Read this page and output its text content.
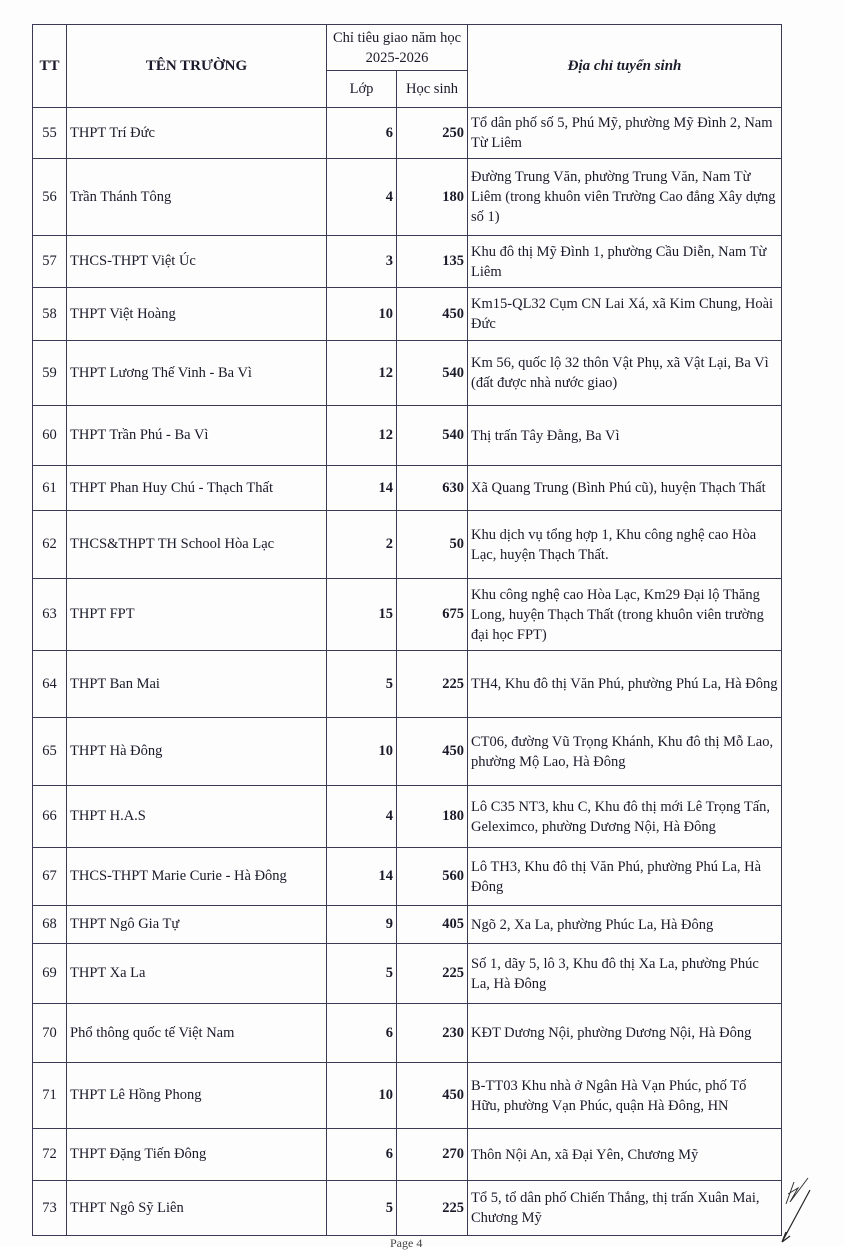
TT	TÊN TRƯỜNG	Chỉ tiêu giao năm học 2025-2026		Địa chỉ tuyển sinh
		Lớp	Học sinh	
55	THPT Trí Đức	6	250	Tổ dân phố số 5, Phú Mỹ, phường Mỹ Đình 2, Nam Từ Liêm
56	Trần Thánh Tông	4	180	Đường Trung Văn, phường Trung Văn, Nam Từ Liêm (trong khuôn viên Trường Cao đẳng Xây dựng số 1)
57	THCS-THPT Việt Úc	3	135	Khu đô thị Mỹ Đình 1, phường Cầu Diễn, Nam Từ Liêm
58	THPT Việt Hoàng	10	450	Km15-QL32 Cụm CN Lai Xá, xã Kim Chung, Hoài Đức
59	THPT Lương Thế Vinh - Ba Vì	12	540	Km 56, quốc lộ 32 thôn Vật Phụ, xã Vật Lại, Ba Vì (đất được nhà nước giao)
60	THPT Trần Phú - Ba Vì	12	540	Thị trấn Tây Đằng, Ba Vì
61	THPT Phan Huy Chú - Thạch Thất	14	630	Xã Quang Trung (Bình Phú cũ), huyện Thạch Thất
62	THCS&THPT TH School Hòa Lạc	2	50	Khu dịch vụ tổng hợp 1, Khu công nghệ cao Hòa Lạc, huyện Thạch Thất.
63	THPT FPT	15	675	Khu công nghệ cao Hòa Lạc, Km29 Đại lộ Thăng Long, huyện Thạch Thất (trong khuôn viên trường đại học FPT)
64	THPT Ban Mai	5	225	TH4, Khu đô thị Văn Phú, phường Phú La, Hà Đông
65	THPT Hà Đông	10	450	CT06, đường Vũ Trọng Khánh, Khu đô thị Mỗ Lao, phường Mộ Lao, Hà Đông
66	THPT H.A.S	4	180	Lô C35 NT3, khu C, Khu đô thị mới Lê Trọng Tấn, Geleximco, phường Dương Nội, Hà Đông
67	THCS-THPT Marie Curie - Hà Đông	14	560	Lô TH3, Khu đô thị Văn Phú, phường Phú La, Hà Đông
68	THPT Ngô Gia Tự	9	405	Ngõ 2, Xa La, phường Phúc La, Hà Đông
69	THPT Xa La	5	225	Số 1, dãy 5, lô 3, Khu đô thị Xa La, phường Phúc La, Hà Đông
70	Phổ thông quốc tế Việt Nam	6	230	KĐT Dương Nội, phường Dương Nội, Hà Đông
71	THPT Lê Hồng Phong	10	450	B-TT03 Khu nhà ở Ngân Hà Vạn Phúc, phố Tố Hữu, phường Vạn Phúc, quận Hà Đông, HN
72	THPT Đặng Tiến Đông	6	270	Thôn Nội An, xã Đại Yên, Chương Mỹ
73	THPT Ngô Sỹ Liên	5	225	Tổ 5, tổ dân phố Chiến Thắng, thị trấn Xuân Mai, Chương Mỹ
Page 4
